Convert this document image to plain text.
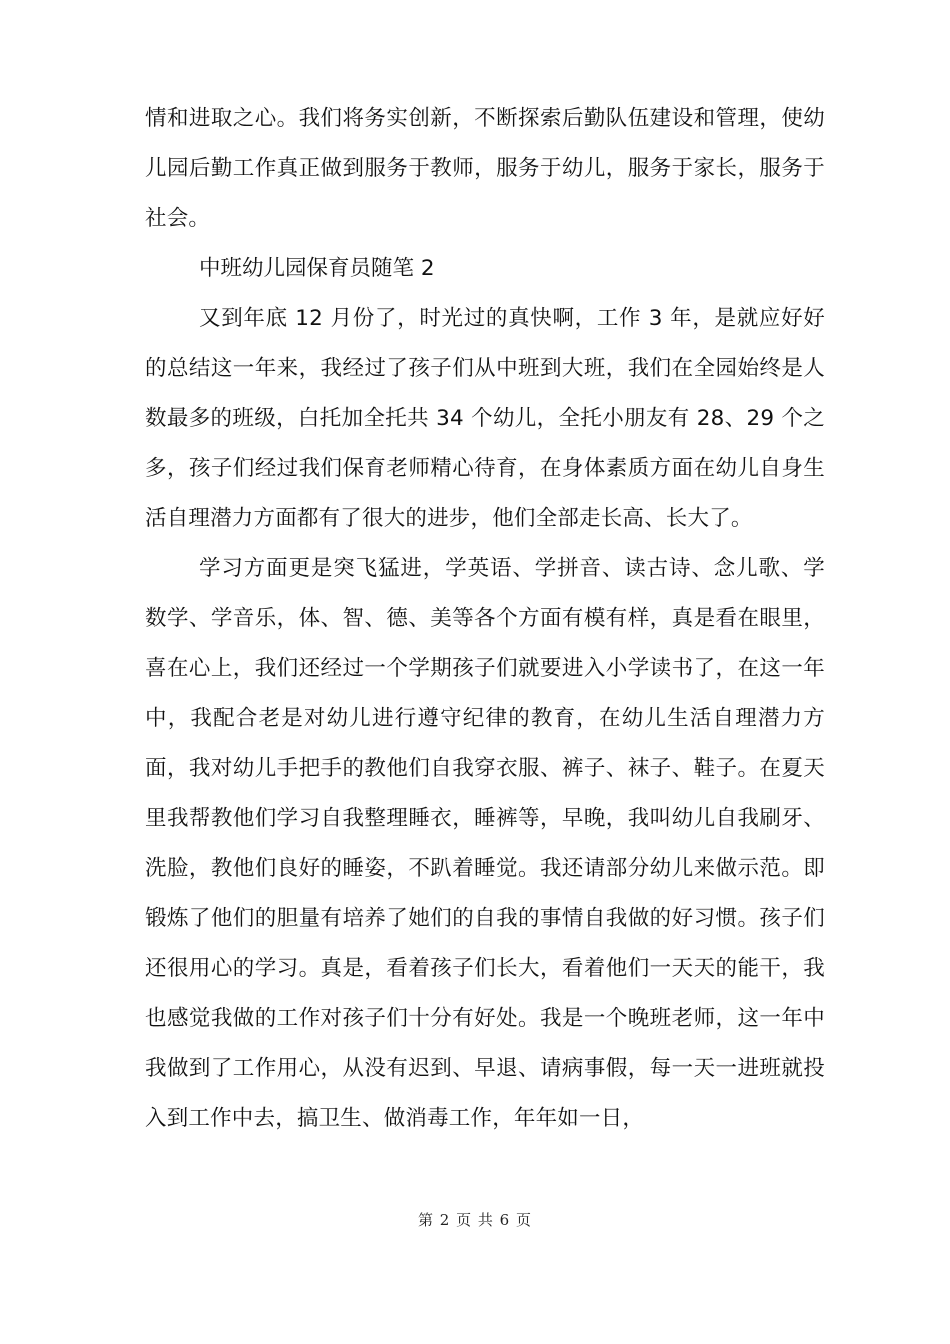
情和进取之心。我们将务实创新，不断探索后勤队伍建设和管理，使幼儿园后勤工作真正做到服务于教师，服务于幼儿，服务于家长，服务于社会。

中班幼儿园保育员随笔 2

又到年底 12 月份了，时光过的真快啊，工作 3 年，是就应好好的总结这一年来，我经过了孩子们从中班到大班，我们在全园始终是人数最多的班级，白托加全托共 34 个幼儿，全托小朋友有 28、29 个之多，孩子们经过我们保育老师精心待育，在身体素质方面在幼儿自身生活自理潜力方面都有了很大的进步，他们全部走长高、长大了。

学习方面更是突飞猛进，学英语、学拼音、读古诗、念儿歌、学数学、学音乐，体、智、德、美等各个方面有模有样，真是看在眼里，喜在心上，我们还经过一个学期孩子们就要进入小学读书了，在这一年中，我配合老是对幼儿进行遵守纪律的教育，在幼儿生活自理潜力方面，我对幼儿手把手的教他们自我穿衣服、裤子、袜子、鞋子。在夏天里我帮教他们学习自我整理睡衣，睡裤等，早晚，我叫幼儿自我刷牙、洗脸，教他们良好的睡姿，不趴着睡觉。我还请部分幼儿来做示范。即锻炼了他们的胆量有培养了她们的自我的事情自我做的好习惯。孩子们还很用心的学习。真是，看着孩子们长大，看着他们一天天的能干，我也感觉我做的工作对孩子们十分有好处。我是一个晚班老师，这一年中我做到了工作用心，从没有迟到、早退、请病事假，每一天一进班就投入到工作中去，搞卫生、做消毒工作，年年如一日，

第 2 页 共 6 页
